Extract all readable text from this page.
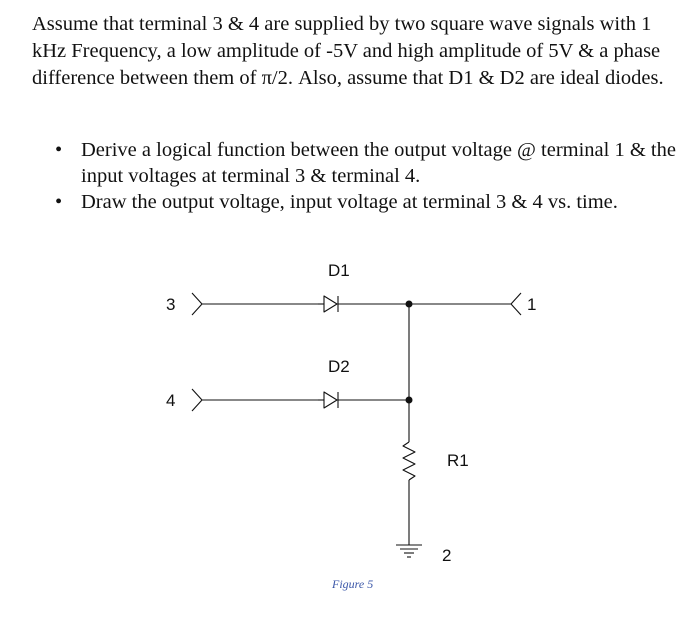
Assume that terminal 3 & 4 are supplied by two square wave signals with 1 kHz Frequency, a low amplitude of -5V and high amplitude of 5V & a phase difference between them of π/2. Also, assume that D1 & D2 are ideal diodes.
• Derive a logical function between the output voltage @ terminal 1 & the input voltages at terminal 3 & terminal 4.
• Draw the output voltage, input voltage at terminal 3 & 4 vs. time.
3
4
1
2
D1
D2
R1
Figure 5
